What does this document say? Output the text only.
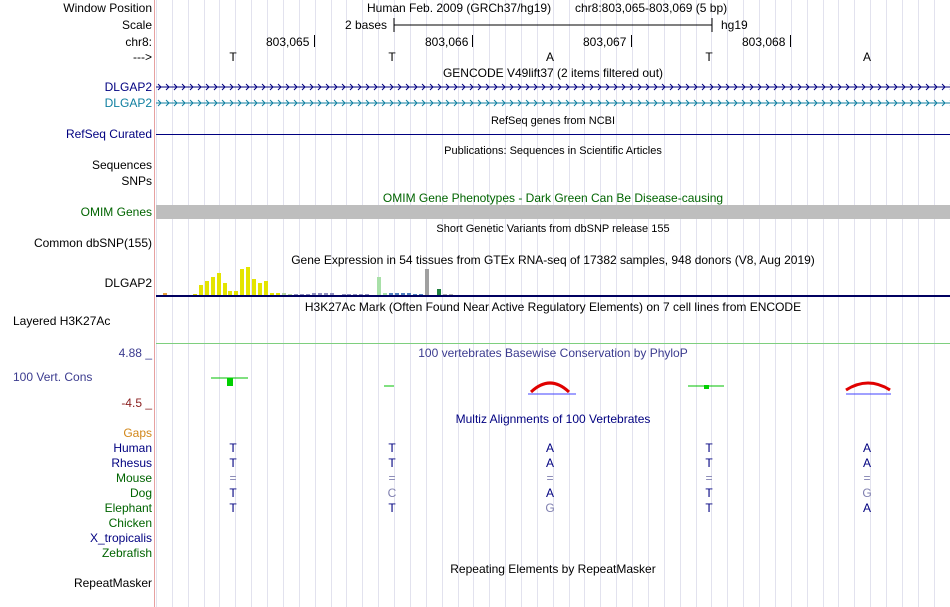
Window Position	Human Feb. 2009 (GRCh37/hg19) chr8:803,065-803,069 (5 bp)
Scale	2 bases	hg19
chr8:	803,065	803,066	803,067	803,068
--->	T	T	A	T	A
GENCODE V49lift37 (2 items filtered out)
DLGAP2
DLGAP2
RefSeq genes from NCBI
RefSeq Curated
Publications: Sequences in Scientific Articles
Sequences
SNPs
OMIM Gene Phenotypes - Dark Green Can Be Disease-causing
OMIM Genes
Short Genetic Variants from dbSNP release 155
Common dbSNP(155)
Gene Expression in 54 tissues from GTEx RNA-seq of 17382 samples, 948 donors (V8, Aug 2019)
DLGAP2
H3K27Ac Mark (Often Found Near Active Regulatory Elements) on 7 cell lines from ENCODE
Layered H3K27Ac
100 vertebrates Basewise Conservation by PhyloP
4.88 _
100 Vert. Cons
-4.5 _
Multiz Alignments of 100 Vertebrates
Gaps
Human	T	T	A	T	A
Rhesus	T	T	A	T	A
Mouse	=	=	=	=	=
Dog	T	C	A	T	G
Elephant	T	T	G	T	A
Chicken
X_tropicalis
Zebrafish
Repeating Elements by RepeatMasker
RepeatMasker
